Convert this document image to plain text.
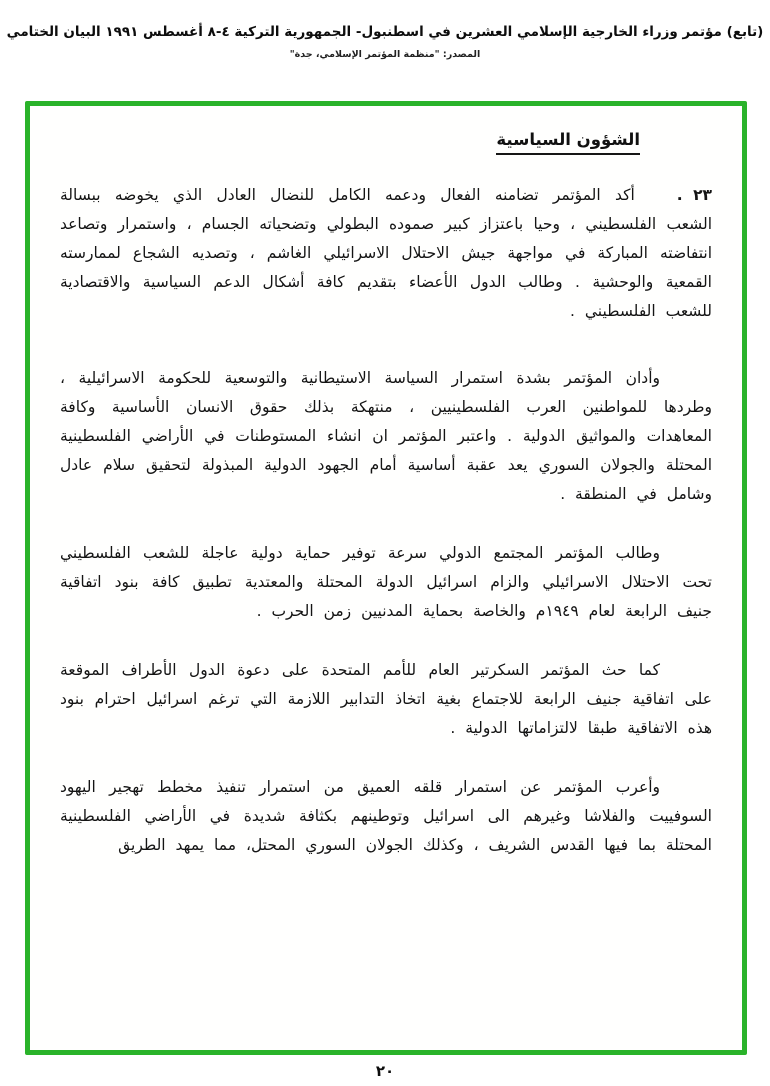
(تابع) مؤتمر وزراء الخارجية الإسلامي العشرين في اسطنبول- الجمهورية التركية ٤-٨ أغسطس ١٩٩١ البيان الختامي
المصدر: "منظمة المؤتمر الإسلامي، جدة"
الشؤون السياسية

٢٣ .أكد المؤتمر تضامنه الفعال ودعمه الكامل للنضال العادل الذي يخوضه ببسالة الشعب الفلسطيني ، وحيا باعتزاز كبير صموده البطولي وتضحياته الجسام ، واستمرار وتصاعد انتفاضته المباركة في مواجهة جيش الاحتلال الاسرائيلي الغاشم ، وتصديه الشجاع لممارسته القمعية والوحشية . وطالب الدول الأعضاء بتقديم كافة أشكال الدعم السياسية والاقتصادية للشعب الفلسطيني .

وأدان المؤتمر بشدة استمرار السياسة الاستيطانية والتوسعية للحكومة الاسرائيلية ، وطردها للمواطنين العرب الفلسطينيين ، منتهكة بذلك حقوق الانسان الأساسية وكافة المعاهدات والمواثيق الدولية . واعتبر المؤتمر ان انشاء المستوطنات في الأراضي الفلسطينية المحتلة والجولان السوري يعد عقبة أساسية أمام الجهود الدولية المبذولة لتحقيق سلام عادل وشامل في المنطقة .

وطالب المؤتمر المجتمع الدولي سرعة توفير حماية دولية عاجلة للشعب الفلسطيني تحت الاحتلال الاسرائيلي والزام اسرائيل الدولة المحتلة والمعتدية تطبيق كافة بنود اتفاقية جنيف الرابعة لعام ١٩٤٩م والخاصة بحماية المدنيين زمن الحرب .

كما حث المؤتمر السكرتير العام للأمم المتحدة على دعوة الدول الأطراف الموقعة على اتفاقية جنيف الرابعة للاجتماع بغية اتخاذ التدابير اللازمة التي ترغم اسرائيل احترام بنود هذه الاتفاقية طبقا لالتزاماتها الدولية .

وأعرب المؤتمر عن استمرار قلقه العميق من استمرار تنفيذ مخطط تهجير اليهود السوفييت والفلاشا وغيرهم الى اسرائيل وتوطينهم بكثافة شديدة في الأراضي الفلسطينية المحتلة بما فيها القدس الشريف ، وكذلك الجولان السوري المحتل، مما يمهد الطريق

٢٠
